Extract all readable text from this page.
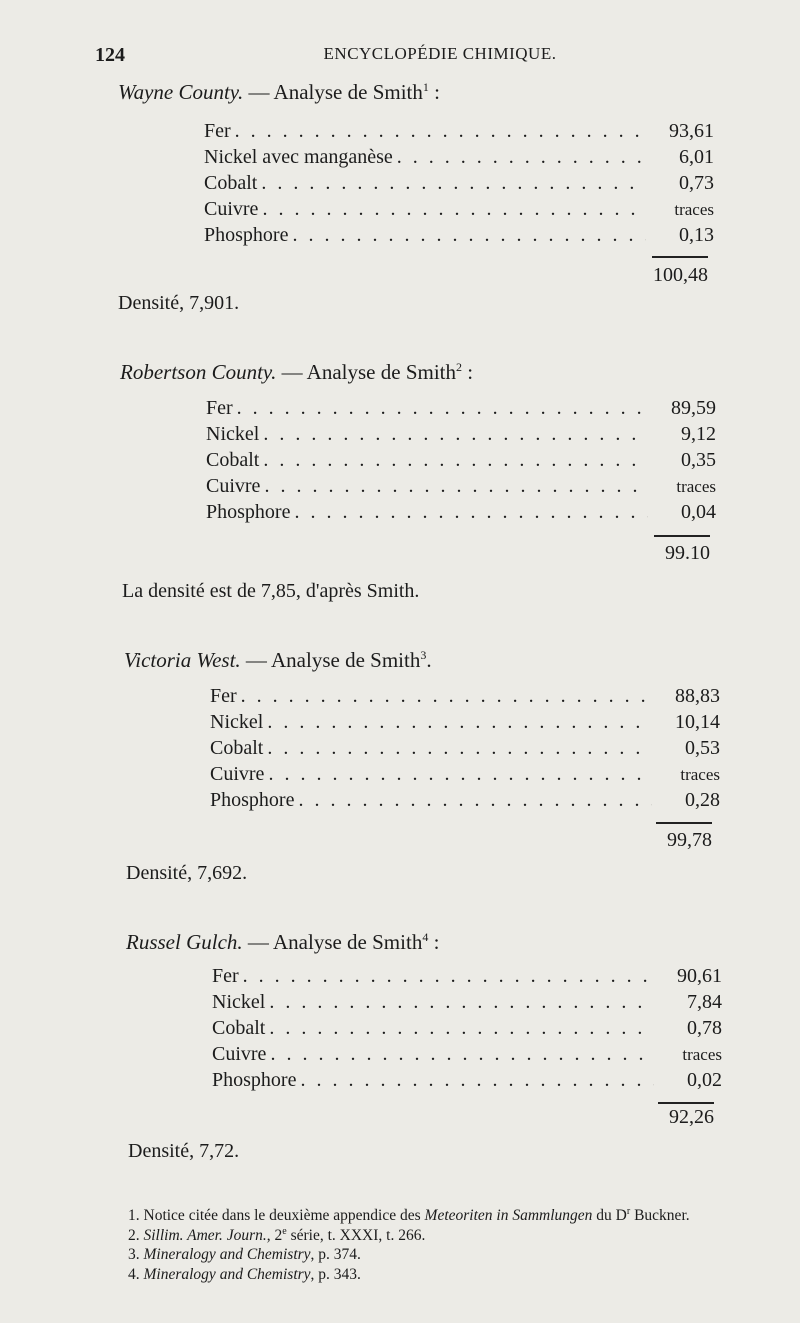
124	ENCYCLOPÉDIE CHIMIQUE.
Wayne County. — Analyse de Smith$^1$ :
Fer . . .	93,61
Nickel avec manganèse . . .	6,01
Cobalt . . .	0,73
Cuivre . . .	traces
Phosphore . . .	0,13
100,48
Densité, 7,901.
Robertson County. — Analyse de Smith$^2$ :
Fer . . .	89,59
Nickel . . .	9,12
Cobalt . . .	0,35
Cuivre . . .	traces
Phosphore . . .	0,04
99.10
La densité est de 7,85, d'après Smith.
Victoria West. — Analyse de Smith$^3$.
Fer . . .	88,83
Nickel . . .	10,14
Cobalt . . .	0,53
Cuivre . . .	traces
Phosphore . . .	0,28
99,78
Densité, 7,692.
Russel Gulch. — Analyse de Smith$^4$ :
Fer . . .	90,61
Nickel . . .	7,84
Cobalt . . .	0,78
Cuivre . . .	traces
Phosphore . . .	0,02
92,26
Densité, 7,72.
1. Notice citée dans le deuxième appendice des Meteoriten in Sammlungen du $D^r$ Buckner.
2. Sillim. Amer. Journ., 2e série, t. XXXI, t. 266.
3. Mineralogy and Chemistry, p. 374.
4. Mineralogy and Chemistry, p. 343.
